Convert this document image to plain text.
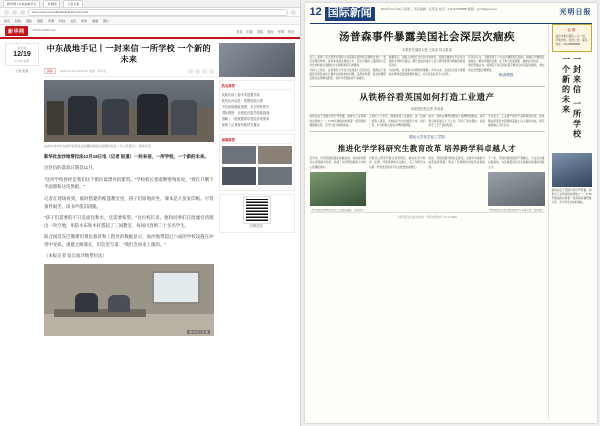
新华网 | 中东战地手记	央视网	人民日报
www.news.cn/world/20231219/xxxx/c.html
首页 时政 国际 财经 军事 科技 文化 体育 健康 图片
新华网	XINHUANET.com	首页 时政 国际 财经 军事 科技
新华社
12/19
14:30 来源
记者 报道
中东战地手记丨一封来信 一所学校 一个新的未来
国际	2023-12-19 14:30:22 来源：新华社
这是12月15日在加沙地带拉法拍摄的被战火损毁的校舍（无人机照片）。新华社发

新华社加沙地带拉法12月18日电（记者 报道）一封来信，一所学校，一个新的未来。

这封信的落款日期是11月。

"这所学校曾经是我们这个街区最漂亮的建筑。"学校校长指着断壁残垣说，"现在只剩下半面墙和这块黑板。"

记者在现场看到，临时搭建的帐篷教室里，孩子们席地而坐，课本是几张复印纸。尽管条件艰苦，读书声依旧清脆。

"孩子们需要的不只是面包和水，还需要希望。"这位校长说，他和同事们在废墟旁清理出一块空地，用防水布和木杆搭起了三间教室，每间可容纳二十多名学生。

联合国近东巴勒斯坦难民救济和工程处的数据显示，加沙地带超过六成的学校设施在冲突中受损。重建之路漫长，但信里写道："我们会回来上课的。"

（本报记者 发自加沙地带拉法）

新华社记者 摄
热点推荐
权威访谈丨稳中求进看开局
新华社评论员：把握发展大势
中东局势最新进展：多方呼吁停火
国际观察：全球经济复苏面临挑战
图解｜一组数据看年度经济成绩单
视频丨记者探访临时安置点
视频推荐
扫码关注
12 国际新闻	2023年12月19日 星期二 责任编辑：张某某 电话：010-67078888 邮箱：gmrb@gmw.cn	光明日报
汤普森事件暴露美国社会深层次痼疾
本报驻华盛顿记者 王某某 综合报道
近日，美国一家大型医疗保险公司高管在纽约街头遭枪击身亡一案引发舆论哗然。案件本身尚在调查之中，但社交媒体上涌现的大量评论却折射出美国社会长期积累的不满情绪。
分析人士指出，这起事件之所以引发如此广泛的讨论，根源在于美国医疗保险体系长期存在的结构性问题。高昂的保费、复杂的理赔流程以及频繁的拒赔，使许多普通家庭不堪重负。
数据显示，美国人均医疗支出居全球首位，但国民健康水平在发达国家中却排名靠后。超过四成的成年人表示曾因费用问题推迟或放弃治疗。
与此同时，枪支暴力问题依然难解。今年以来，全美发生的大规模枪击事件数量继续维持高位，社会治安状况令人担忧。
有评论认为，当制度性不公与社会撕裂相互叠加，极端行为便更容易滋生。解决问题的关键，在于弥合贫富差距、重建社会信任。
舆论普遍认为，美国若不能正视并着手解决这些深层次痼疾，类似的社会悲剧恐难避免。
纵深观察
从铁桥谷看英国如何打造工业遗产
本报驻伦敦记者 李某某
铁桥谷位于英国中部什罗普郡，被誉为工业革命的发源地之一。1779年建成的世界第一座铸铁桥横跨塞文河，至今仍是当地的地标。
上世纪六十年代，随着传统工业衰退，这一区域一度陷入萧条。当地政府与社会组织合作，将旧厂房、矿井和码头改造为博物馆群落。
如今，铁桥谷博物馆群由十座博物馆组成，每年吸引游客逾五十万人次，带动了周边餐饮、住宿和手工艺产业的发展。
专家表示，工业遗产保护不是简单的封存，而是要在保留历史肌理的基础上注入新的功能，使其重新融入当代生活。
湖北大学化学化工学院
推进化学学科研究生教育改革 培养跨学科卓越人才
近年来，该学院围绕国家战略需求，持续深化研究生培养模式改革，构建了以科研创新能力为核心的课程体系。
图为铁桥谷博物馆内的工业遗存展陈。资料图片
学院设立跨学科联合培养项目，推动化学与材料、能源、环境等领域交叉融合，近三年研究生以第一作者发表高水平论文数量稳步增长。
同时，学院加强导师队伍建设，完善学术诚信与质量监督机制，形成了导师组协同指导的新格局。
下一步，学院将继续推进产教融合，与企业共建实践基地，为区域经济社会发展输送高素质创新人才。
学院教师在实验室指导研究生开展实验。资料图片
光明日报社出版 国内统一连续出版物号 CN 11-0026
公 告
兹有本单位遗失公章一枚，声明作废。特此公告。联系电话：010-88888888
一封来信 一所学校 一个新的未来
铁桥谷位于英国中部什罗普郡，被誉为工业革命的发源地之一。1779年建成的世界第一座铸铁桥横跨塞文河，至今仍是当地的地标。
